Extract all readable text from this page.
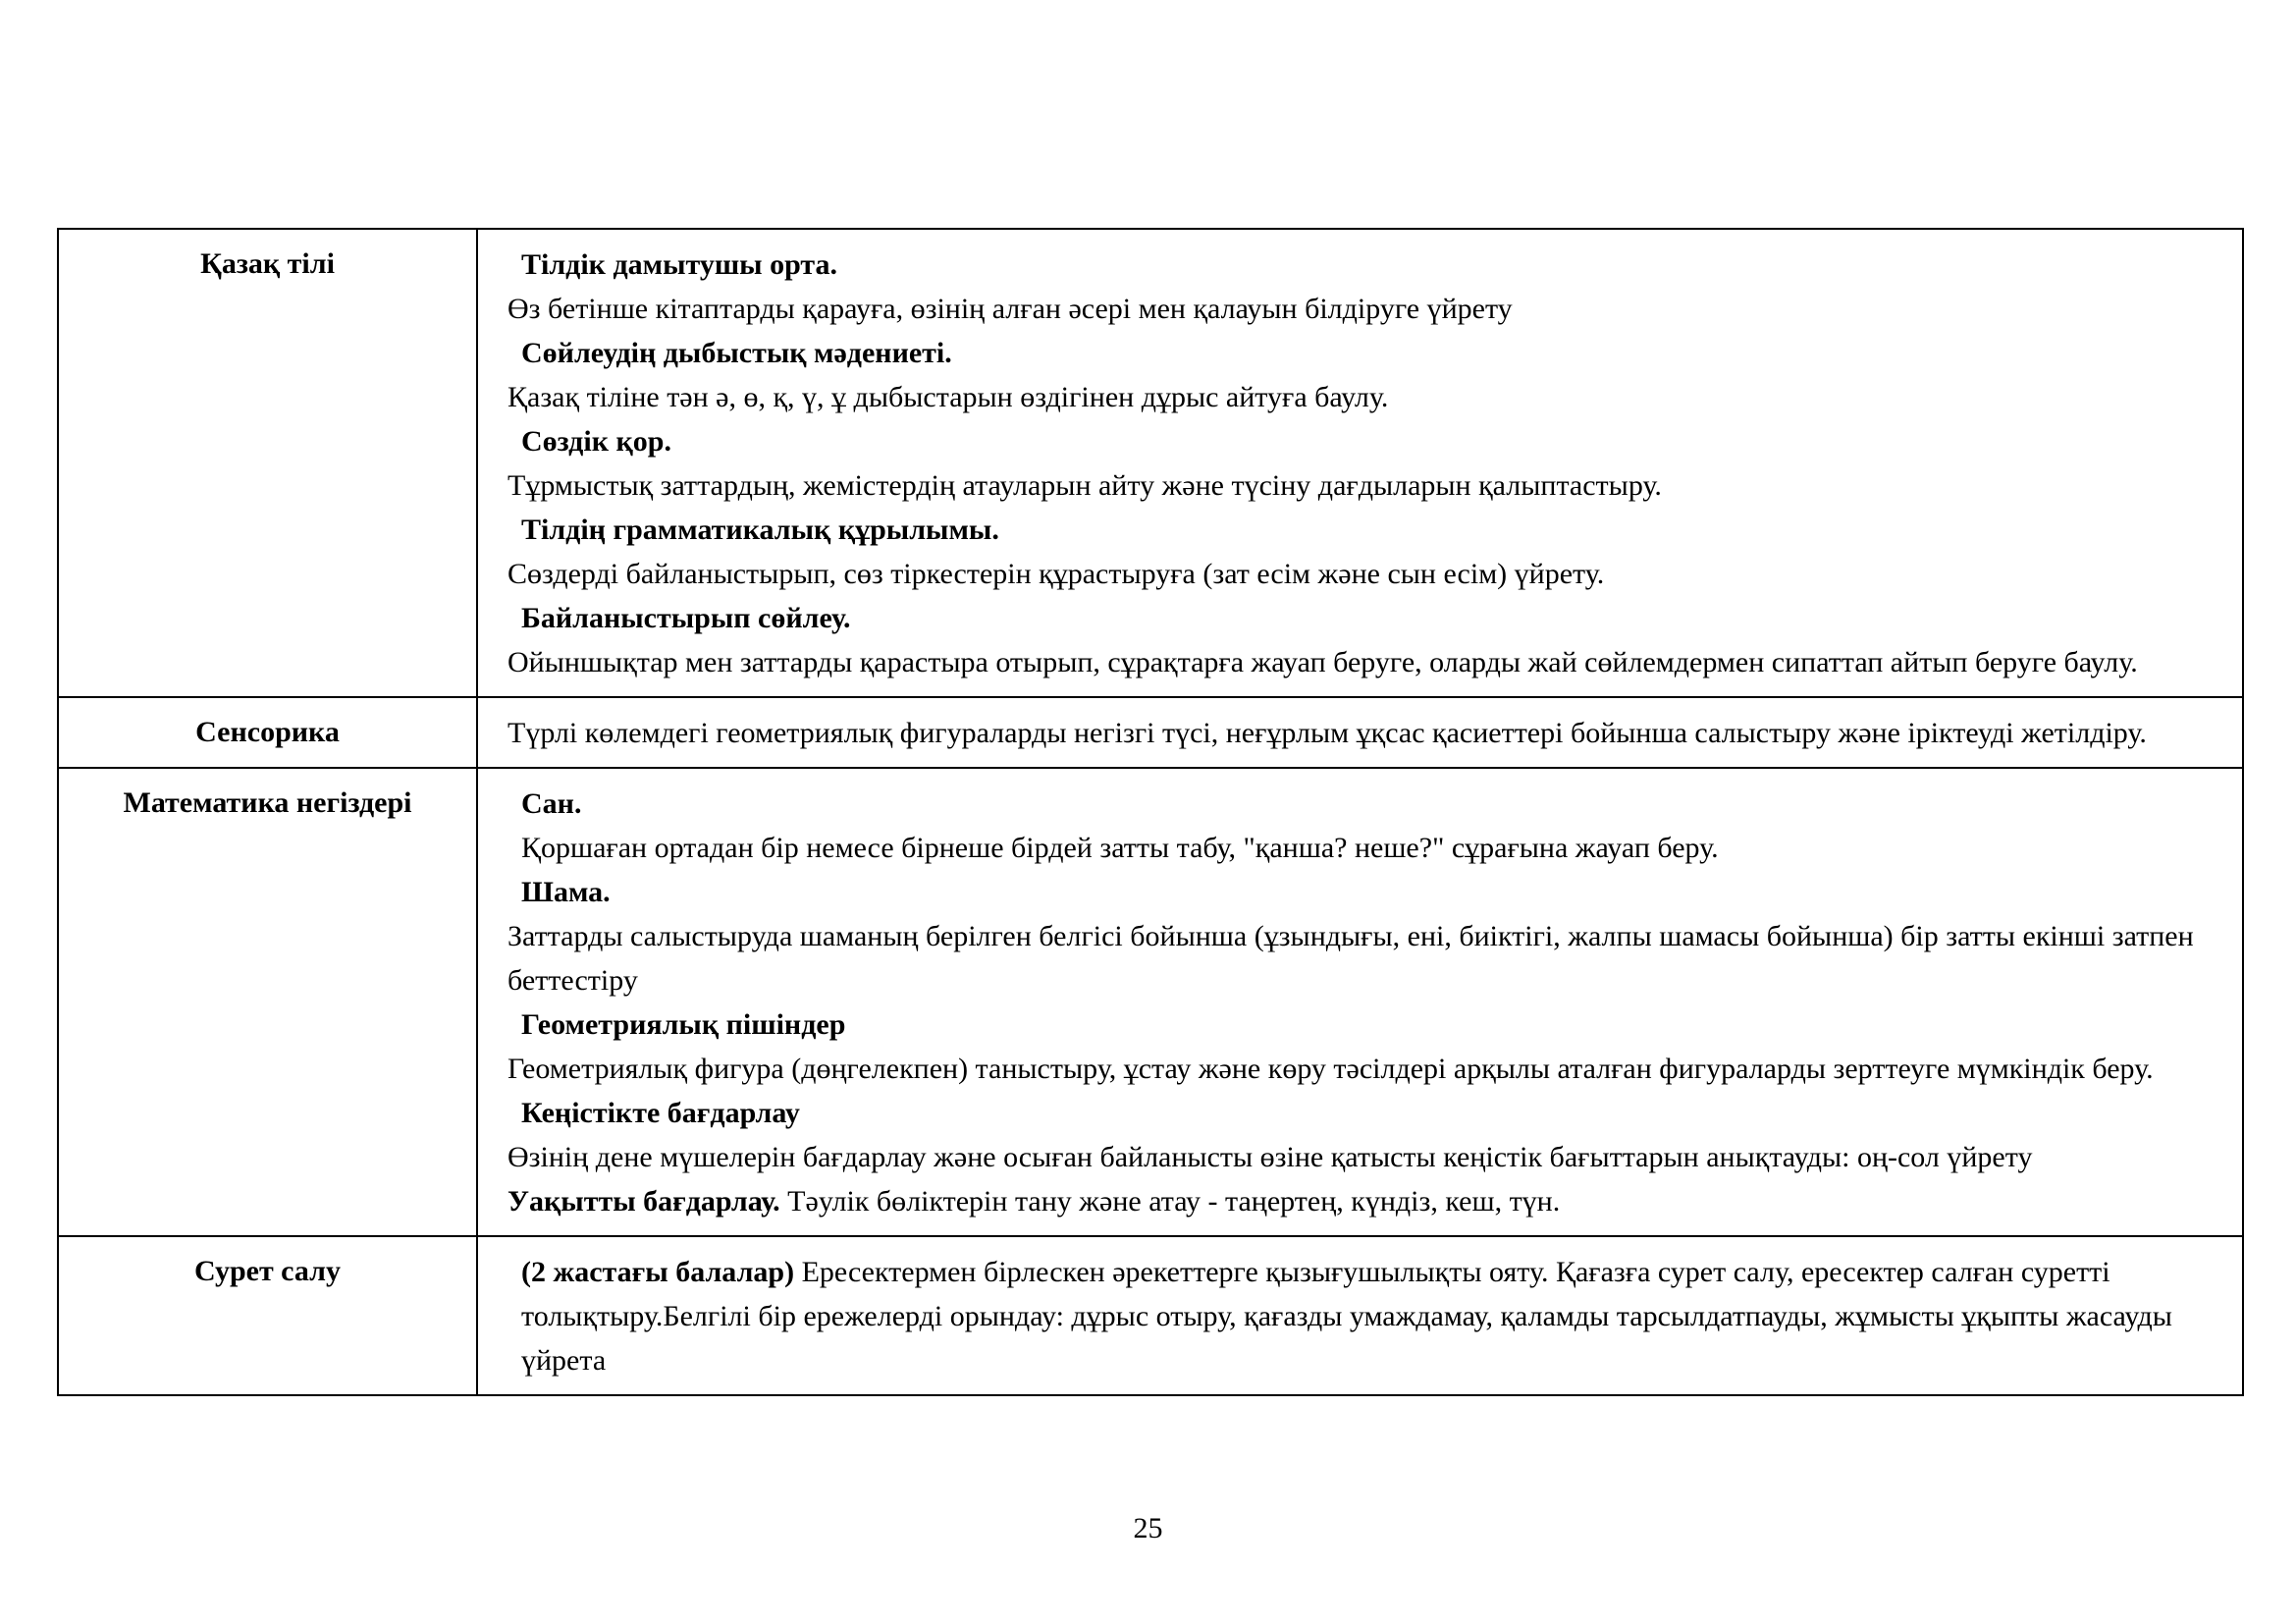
Қазақ тілі	Тілдік дамытушы орта.

Өз бетінше кітаптарды қарауға, өзінің алған әсері мен қалауын білдіруге үйрету

Сөйлеудің дыбыстық мәдениеті.

Қазақ тіліне тән ә, ө, қ, ү, ұ дыбыстарын өздігінен дұрыс айтуға баулу.

Сөздік қор.

Тұрмыстық заттардың, жемістердің атауларын айту және түсіну дағдыларын қалыптастыру.

Тілдің грамматикалық құрылымы.

Сөздерді байланыстырып, сөз тіркестерін құрастыруға (зат есім және сын есім) үйрету.

Байланыстырып сөйлеу.

Ойыншықтар мен заттарды қарастыра отырып, сұрақтарға жауап беруге, оларды жай сөйлемдермен сипаттап айтып беруге баулу.

Сенсорика	Түрлі көлемдегі геометриялық фигураларды негізгі түсі, неғұрлым ұқсас қасиеттері бойынша салыстыру және іріктеуді жетілдіру.

Математика негіздері	Сан.

Қоршаған ортадан бір немесе бірнеше бірдей затты табу, "қанша? неше?" сұрағына жауап беру.

Шама.

Заттарды салыстыруда шаманың берілген белгісі бойынша (ұзындығы, ені, биіктігі, жалпы шамасы бойынша) бір затты екінші затпен беттестіру

Геометриялық пішіндер

Геометриялық фигура (дөңгелекпен) таныстыру, ұстау және көру тәсілдері арқылы аталған фигураларды зерттеуге мүмкіндік беру.

Кеңістікте бағдарлау

Өзінің дене мүшелерін бағдарлау және осыған байланысты өзіне қатысты кеңістік бағыттарын анықтауды: оң-сол үйрету

Уақытты бағдарлау. Тәулік бөліктерін тану және атау - таңертең, күндіз, кеш, түн.

Сурет салу	(2 жастағы балалар) Ересектермен бірлескен әрекеттерге қызығушылықты ояту. Қағазға сурет салу, ересектер салған суретті толықтыру.Белгілі бір ережелерді орындау: дұрыс отыру, қағазды умаждамау, қаламды тарсылдатпауды, жұмысты ұқыпты жасауды үйрета

25
